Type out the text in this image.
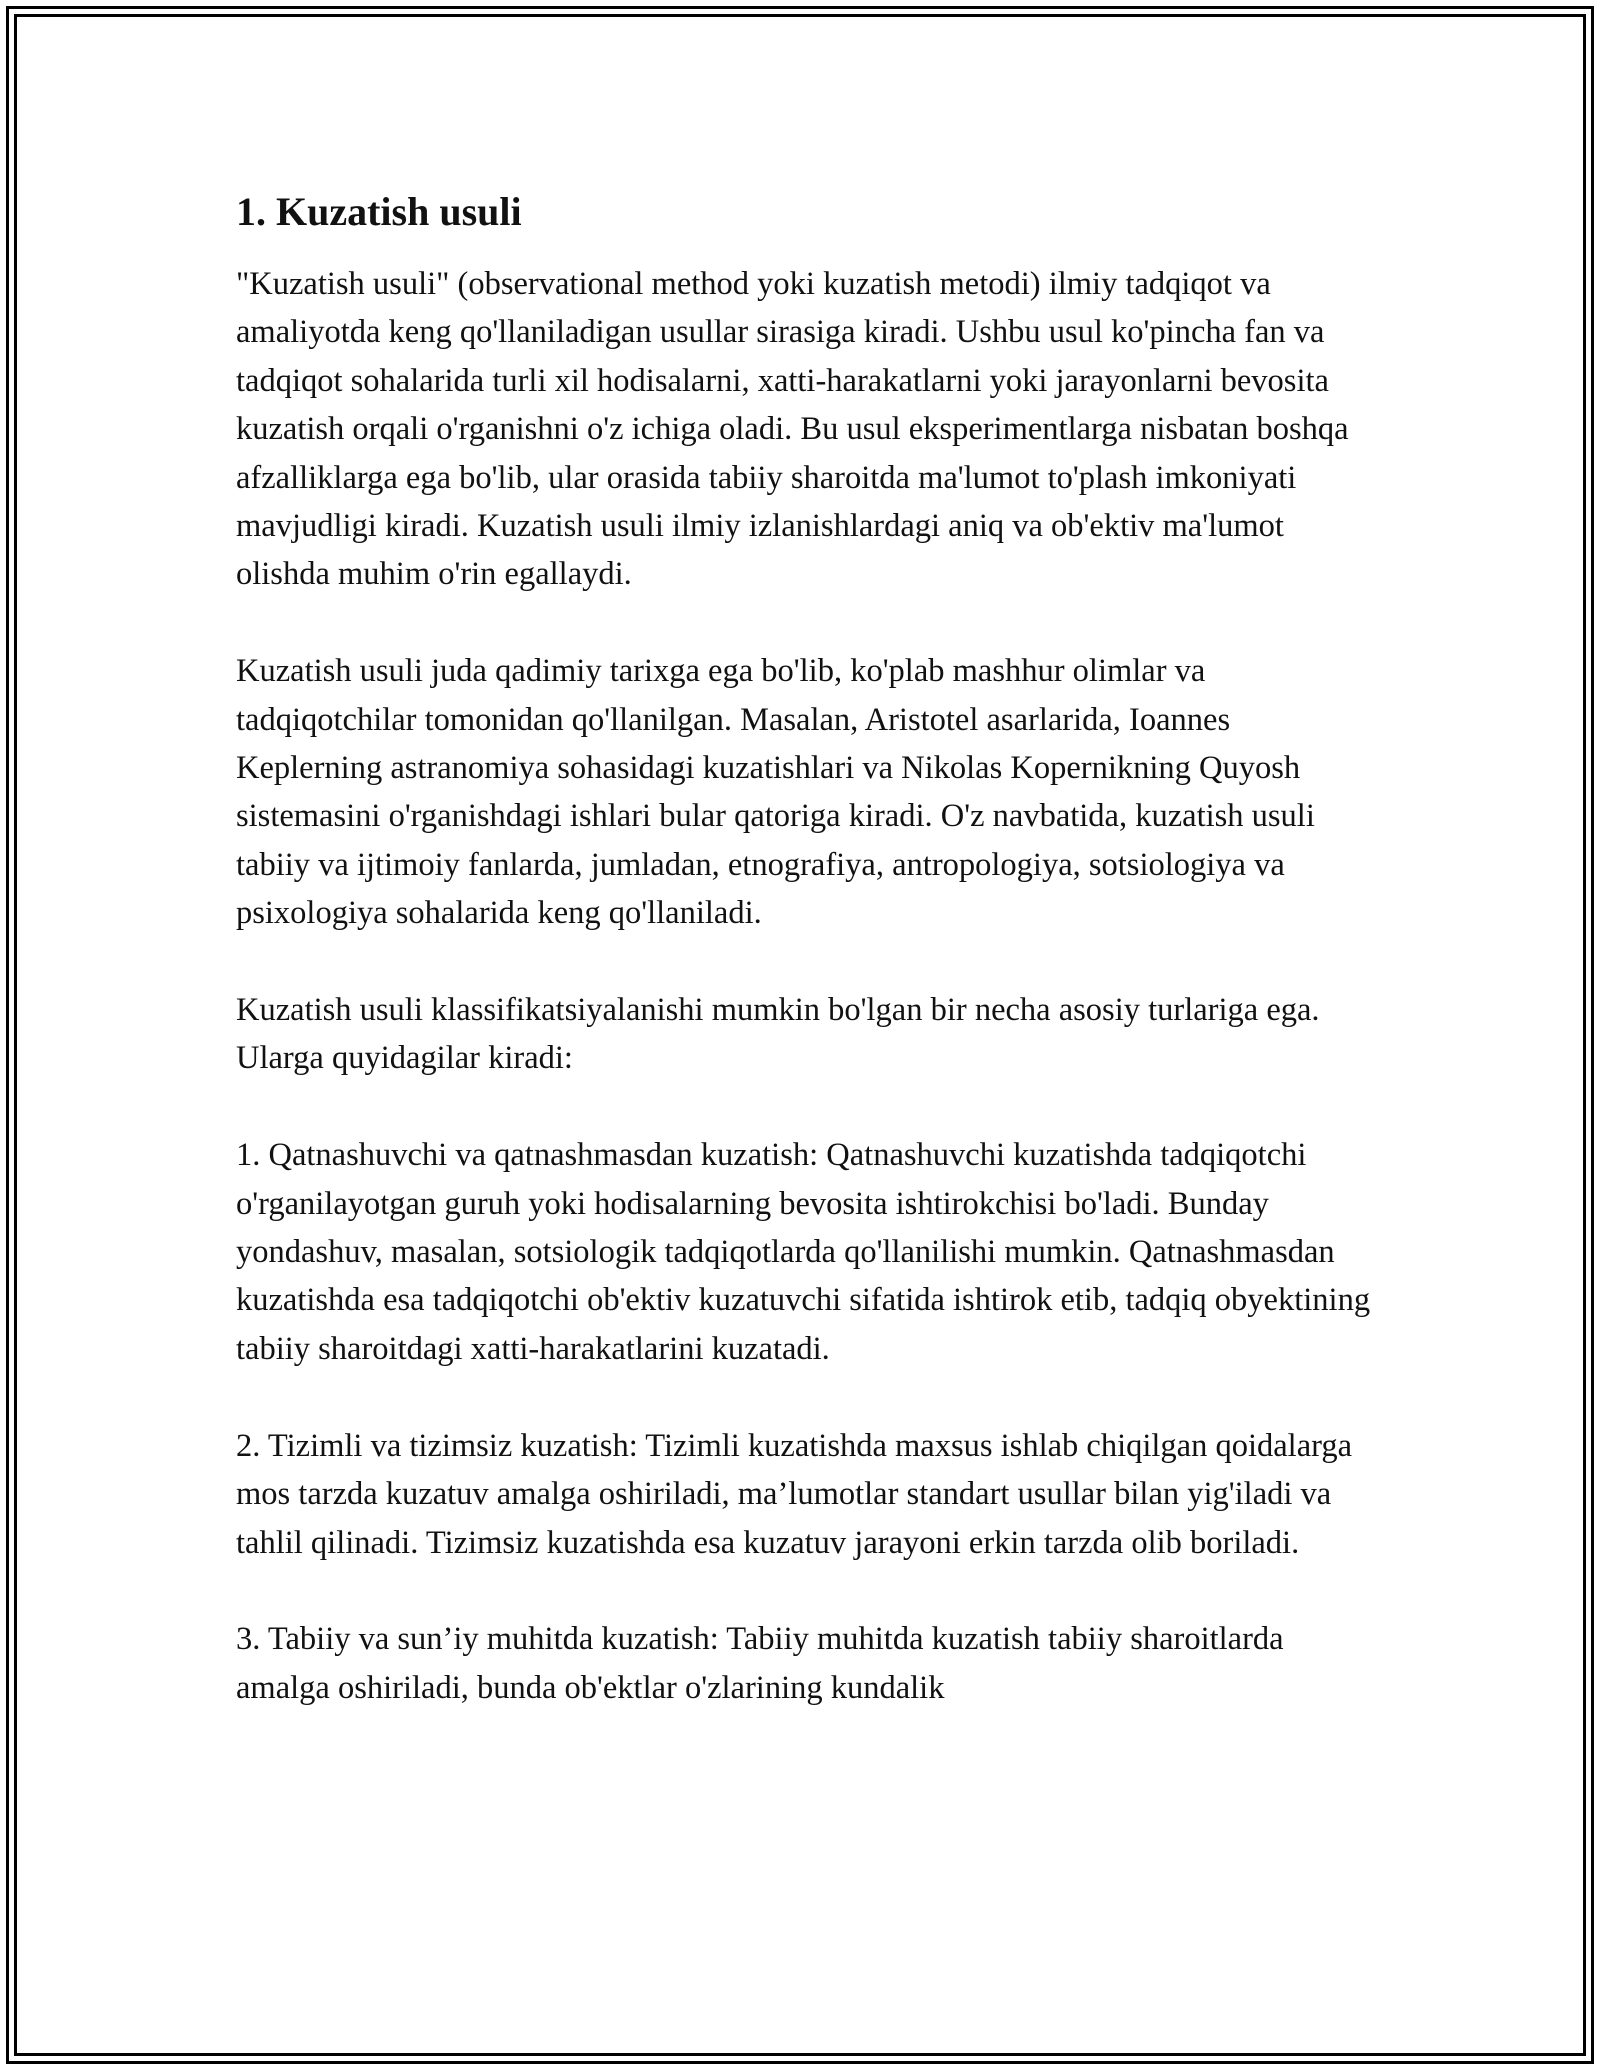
1. Kuzatish usuli

"Kuzatish usuli" (observational method yoki kuzatish metodi) ilmiy tadqiqot va amaliyotda keng qo'llaniladigan usullar sirasiga kiradi. Ushbu usul ko'pincha fan va tadqiqot sohalarida turli xil hodisalarni, xatti-harakatlarni yoki jarayonlarni bevosita kuzatish orqali o'rganishni o'z ichiga oladi. Bu usul eksperimentlarga nisbatan boshqa afzalliklarga ega bo'lib, ular orasida tabiiy sharoitda ma'lumot to'plash imkoniyati mavjudligi kiradi. Kuzatish usuli ilmiy izlanishlardagi aniq va ob'ektiv ma'lumot olishda muhim o'rin egallaydi.

Kuzatish usuli juda qadimiy tarixga ega bo'lib, ko'plab mashhur olimlar va tadqiqotchilar tomonidan qo'llanilgan. Masalan, Aristotel asarlarida, Ioannes Keplerning astranomiya sohasidagi kuzatishlari va Nikolas Kopernikning Quyosh sistemasini o'rganishdagi ishlari bular qatoriga kiradi. O'z navbatida, kuzatish usuli tabiiy va ijtimoiy fanlarda, jumladan, etnografiya, antropologiya, sotsiologiya va psixologiya sohalarida keng qo'llaniladi.

Kuzatish usuli klassifikatsiyalanishi mumkin bo'lgan bir necha asosiy turlariga ega. Ularga quyidagilar kiradi:

1. Qatnashuvchi va qatnashmasdan kuzatish: Qatnashuvchi kuzatishda tadqiqotchi o'rganilayotgan guruh yoki hodisalarning bevosita ishtirokchisi bo'ladi. Bunday yondashuv, masalan, sotsiologik tadqiqotlarda qo'llanilishi mumkin. Qatnashmasdan kuzatishda esa tadqiqotchi ob'ektiv kuzatuvchi sifatida ishtirok etib, tadqiq obyektining tabiiy sharoitdagi xatti-harakatlarini kuzatadi.

2. Tizimli va tizimsiz kuzatish: Tizimli kuzatishda maxsus ishlab chiqilgan qoidalarga mos tarzda kuzatuv amalga oshiriladi, ma’lumotlar standart usullar bilan yig'iladi va tahlil qilinadi. Tizimsiz kuzatishda esa kuzatuv jarayoni erkin tarzda olib boriladi.

3. Tabiiy va sun’iy muhitda kuzatish: Tabiiy muhitda kuzatish tabiiy sharoitlarda amalga oshiriladi, bunda ob'ektlar o'zlarining kundalik
